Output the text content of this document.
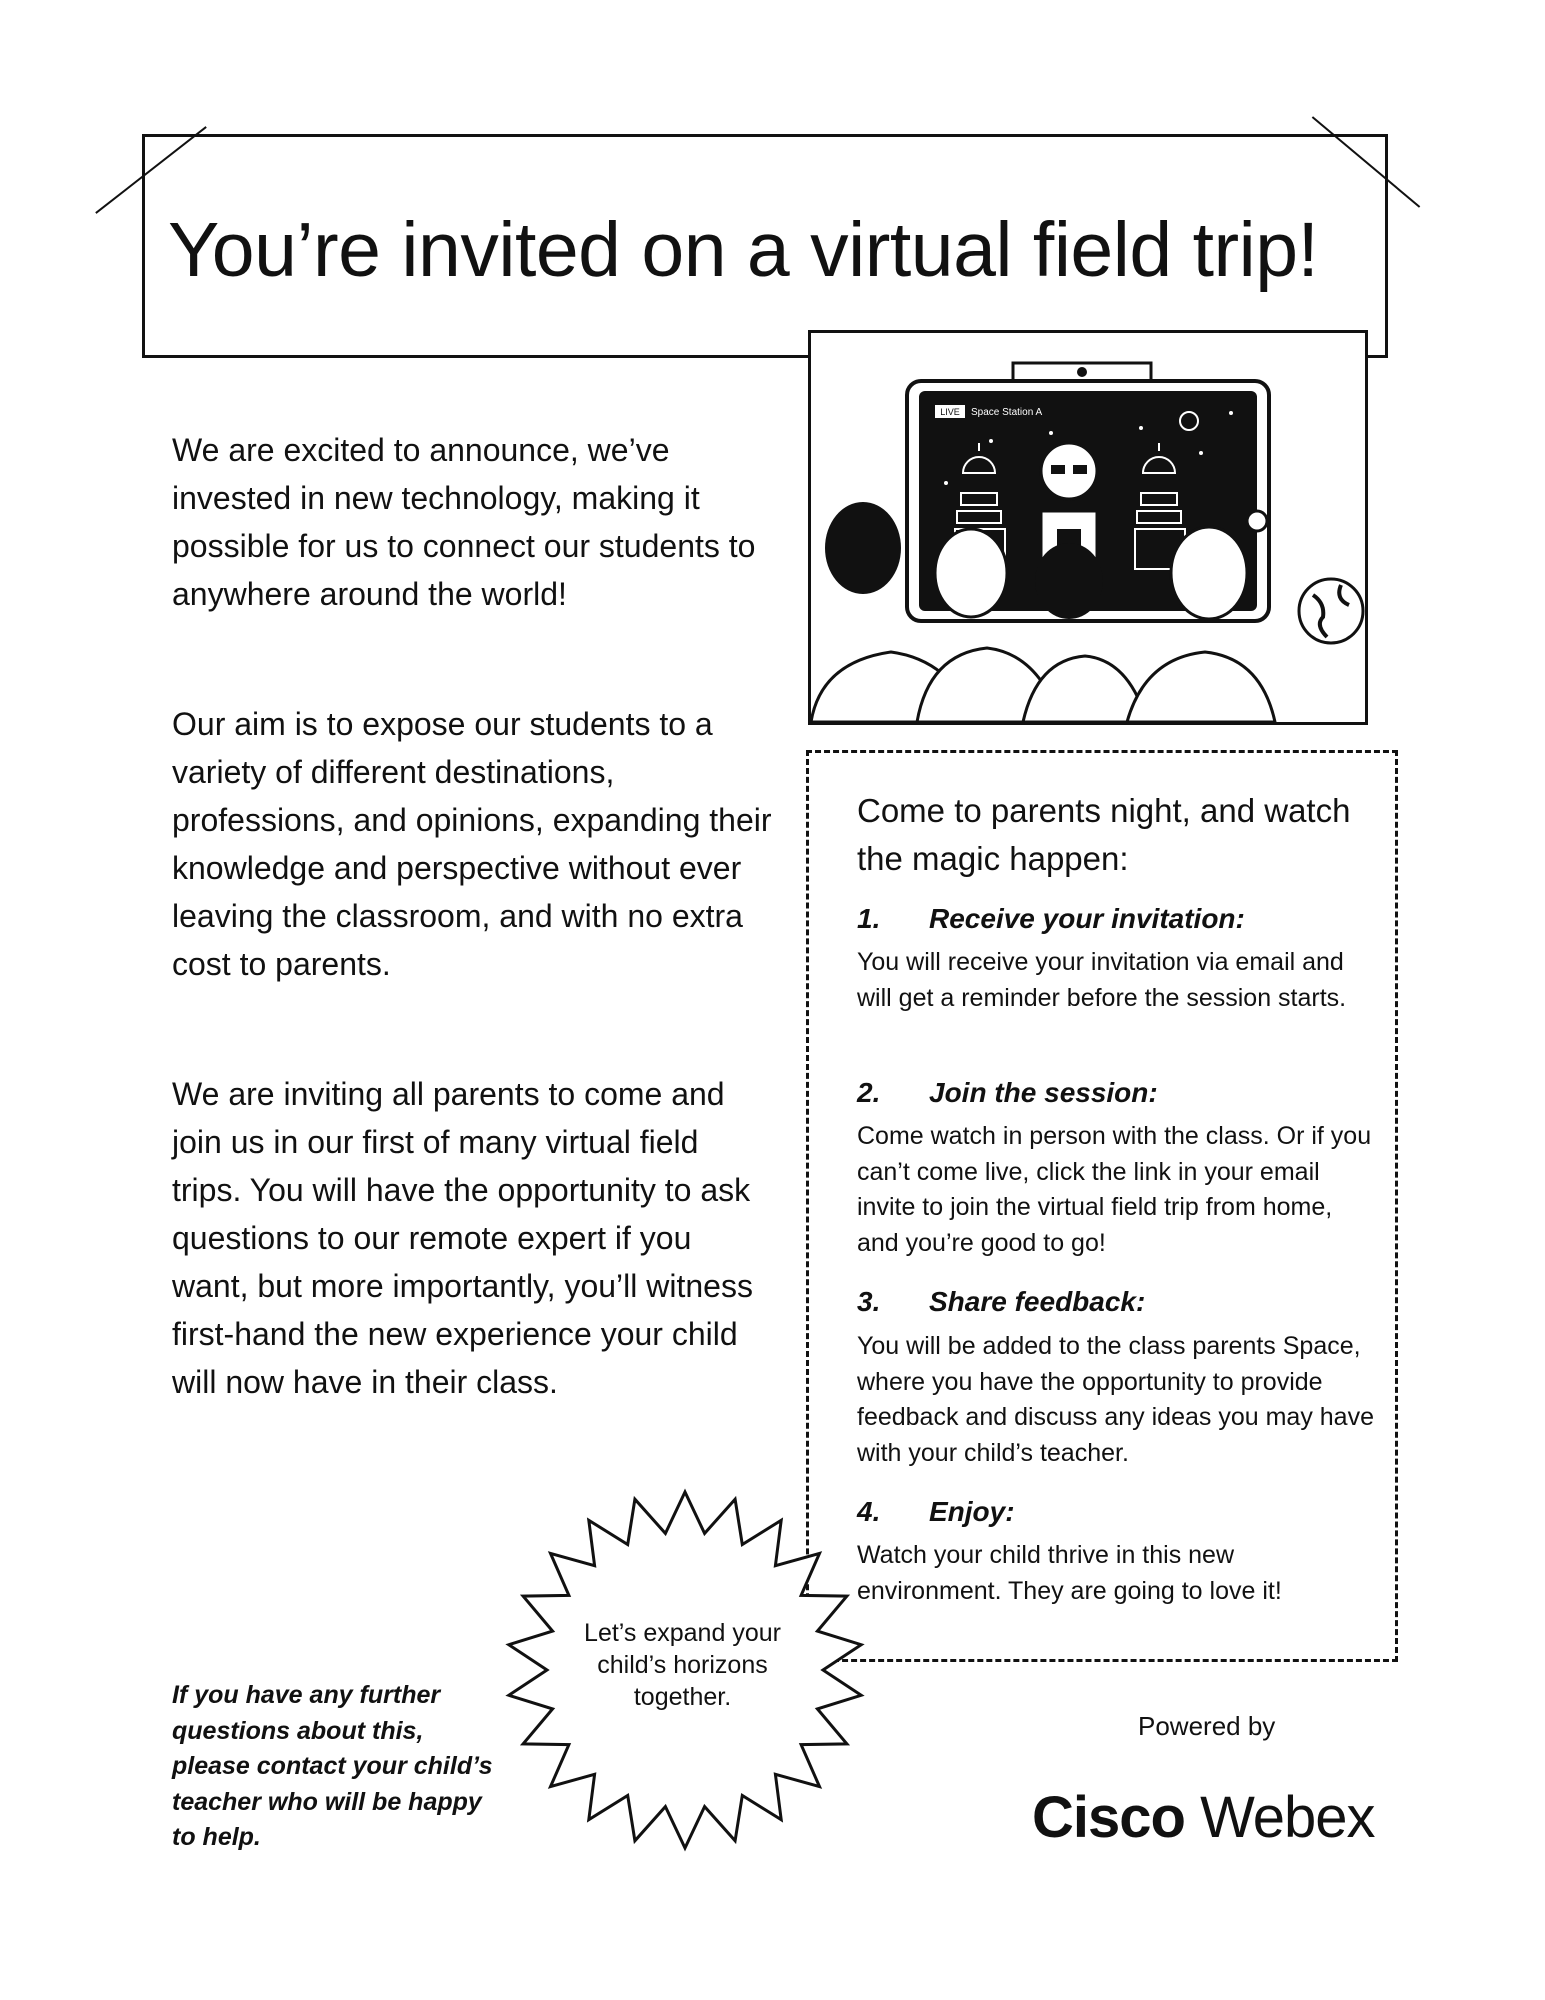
You’re invited on a virtual field trip!

We are excited to announce, we’ve invested in new technology, making it possible for us to connect our students to anywhere around the world!

Our aim is to expose our students to a variety of different destinations, professions, and opinions, expanding their knowledge and perspective without ever leaving the classroom, and with no extra cost to parents.

We are inviting all parents to come and join us in our first of many virtual field trips. You will have the opportunity to ask questions to our remote expert if you want, but more importantly, you’ll witness first-hand the new experience your child will now have in their class.

LIVE Space Station A

Come to parents night, and watch the magic happen:

1. Receive your invitation:

You will receive your invitation via email and will get a reminder before the session starts.

2. Join the session:

Come watch in person with the class. Or if you can’t come live, click the link in your email invite to join the virtual field trip from home, and you’re good to go!

3. Share feedback:

You will be added to the class parents Space, where you have the opportunity to provide feedback and discuss any ideas you may have with your child’s teacher.

4. Enjoy:

Watch your child thrive in this new environment. They are going to love it!

Let’s expand your child’s horizons together.

If you have any further questions about this, please contact your child’s teacher who will be happy to help.

Powered by
Cisco Webex
